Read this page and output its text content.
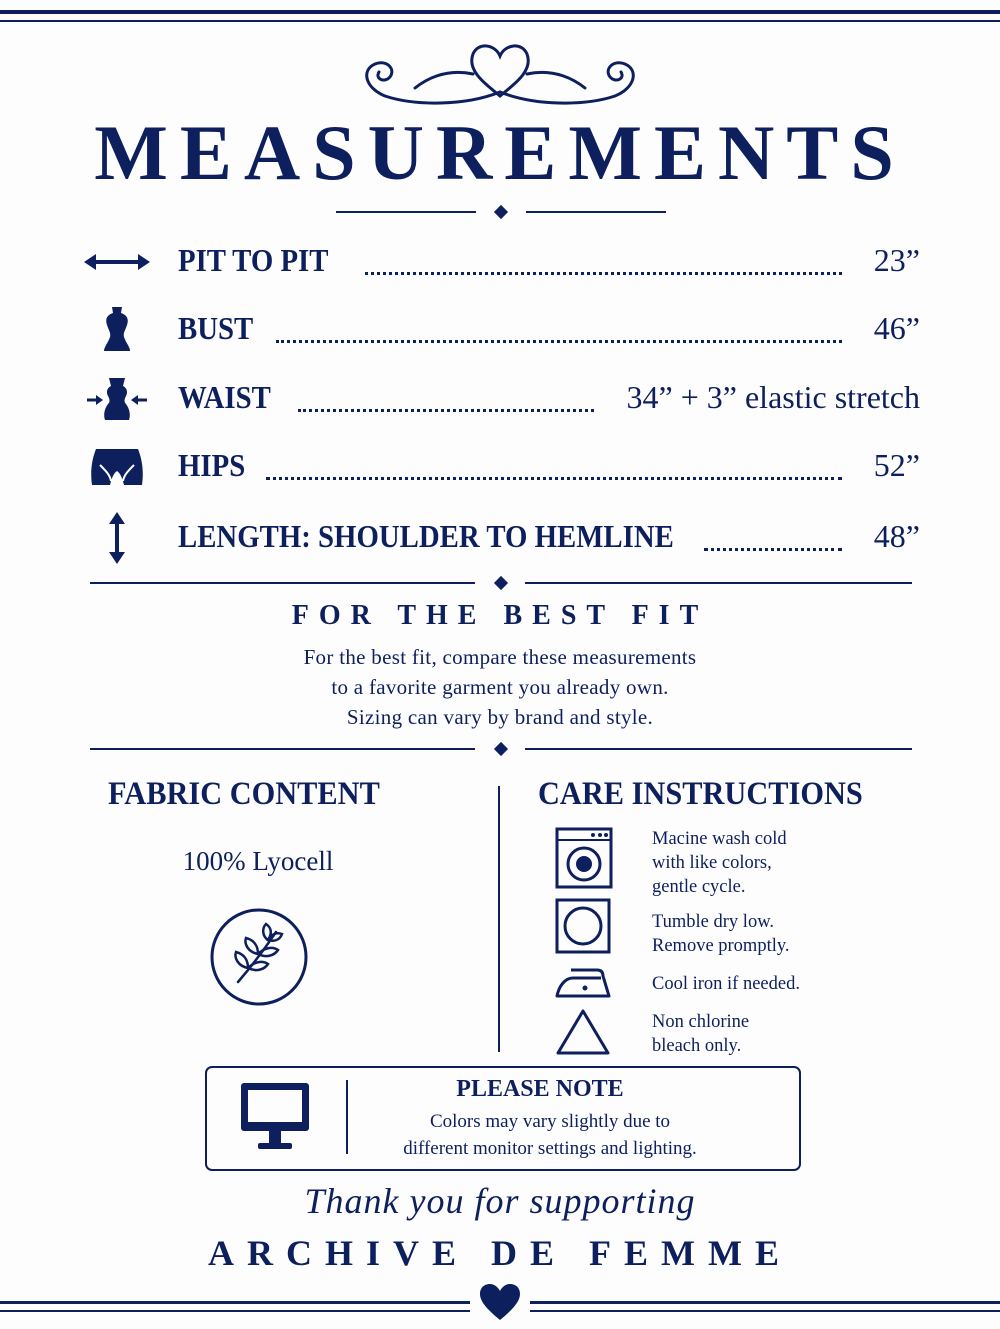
MEASUREMENTS
PIT TO PIT	23”
BUST	46”
WAIST	34” + 3” elastic stretch
HIPS	52”
LENGTH: SHOULDER TO HEMLINE	48”
FOR THE BEST FIT
For the best fit, compare these measurements
to a favorite garment you already own.
Sizing can vary by brand and style.
FABRIC CONTENT
100% Lyocell
CARE INSTRUCTIONS
Macine wash cold
with like colors,
gentle cycle.
Tumble dry low.
Remove promptly.
Cool iron if needed.
Non chlorine
bleach only.
PLEASE NOTE
Colors may vary slightly due to
different monitor settings and lighting.
Thank you for supporting
ARCHIVE DE FEMME
